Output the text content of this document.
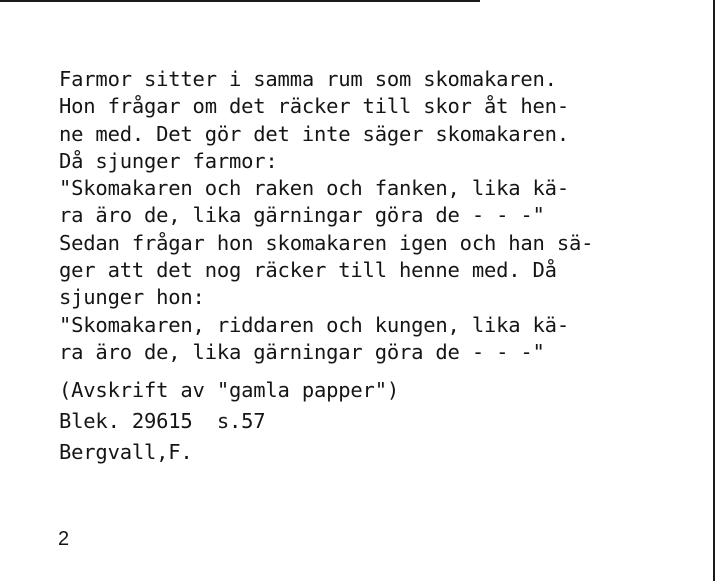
Farmor sitter i samma rum som skomakaren.
Hon frågar om det räcker till skor åt hen-
ne med. Det gör det inte säger skomakaren.
Då sjunger farmor:
"Skomakaren och raken och fanken, lika kä-
ra äro de, lika gärningar göra de - - -"
Sedan frågar hon skomakaren igen och han sä-
ger att det nog räcker till henne med. Då
sjunger hon:
"Skomakaren, riddaren och kungen, lika kä-
ra äro de, lika gärningar göra de - - -"
(Avskrift av "gamla papper")
Blek. 29615  s.57
Bergvall,F.
2
